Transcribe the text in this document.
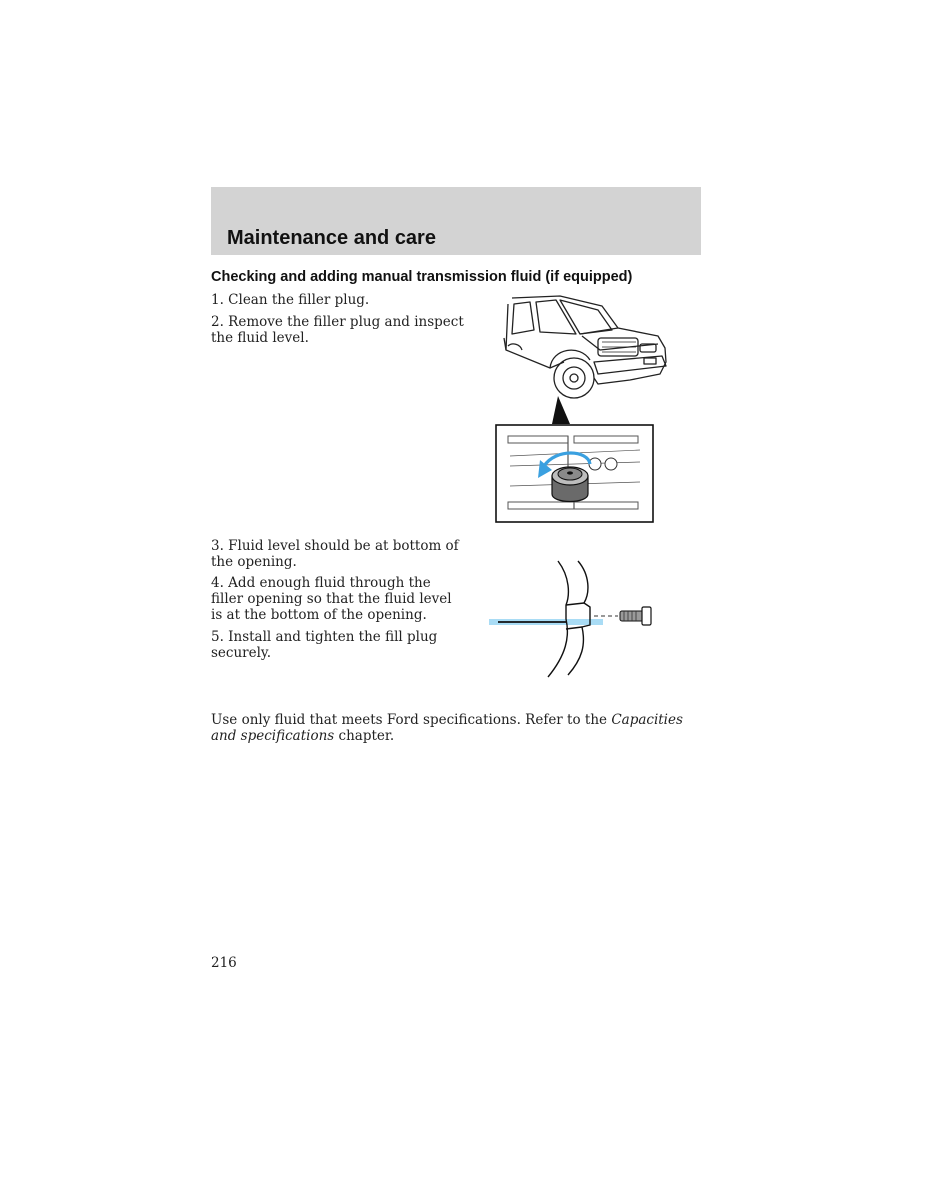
Maintenance and care
Checking and adding manual transmission fluid (if equipped)
1. Clean the filler plug.
2. Remove the filler plug and inspect the fluid level.
3. Fluid level should be at bottom of the opening.
4. Add enough fluid through the filler opening so that the fluid level is at the bottom of the opening.
5. Install and tighten the fill plug securely.
Use only fluid that meets Ford specifications. Refer to the Capacities and specifications chapter.
216
